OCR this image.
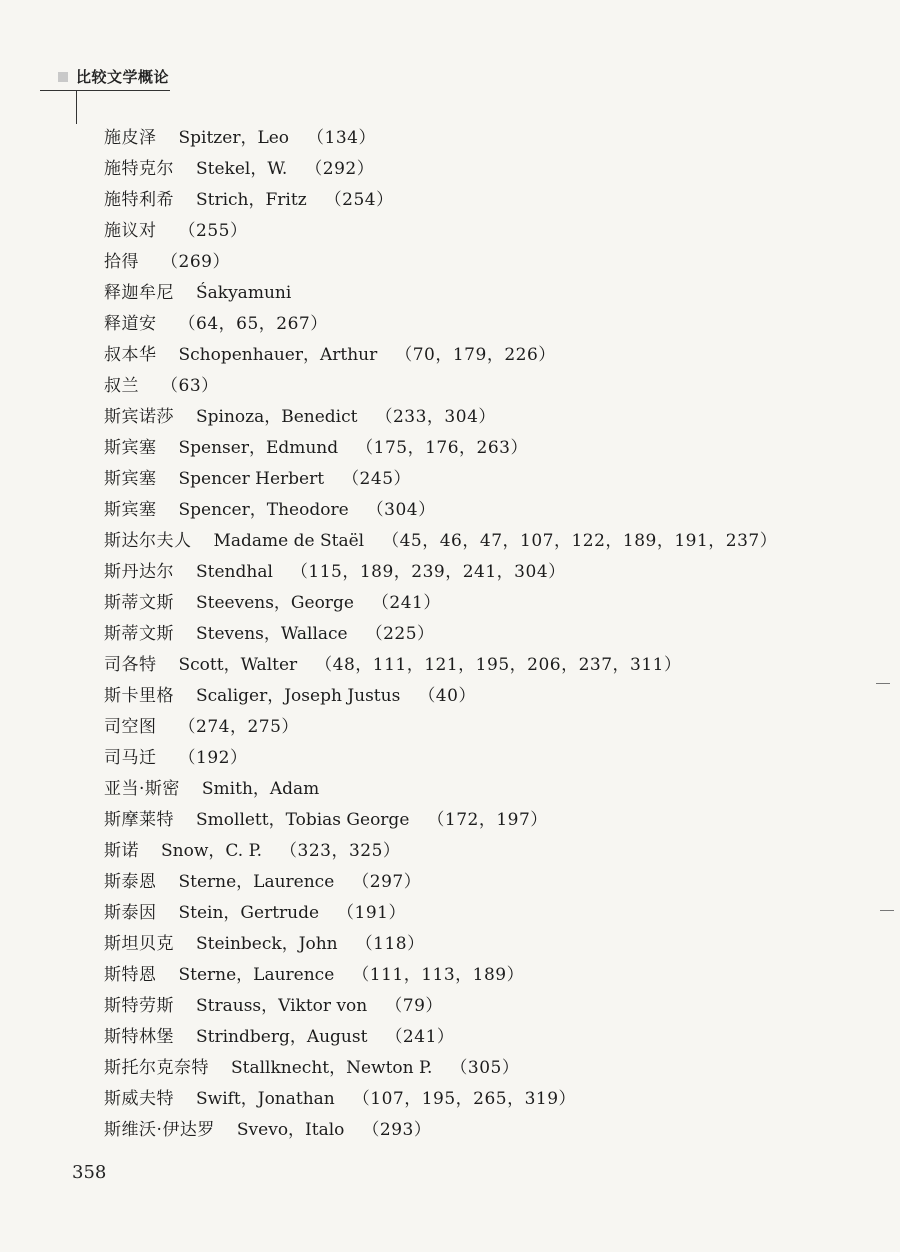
比较文学概论
施皮泽 Spitzer，Leo （134）
施特克尔 Stekel，W. （292）
施特利希 Strich，Fritz （254）
施议对 （255）
拾得 （269）
释迦牟尼 Śakyamuni
释道安 （64，65，267）
叔本华 Schopenhauer，Arthur （70，179，226）
叔兰 （63）
斯宾诺莎 Spinoza，Benedict （233，304）
斯宾塞 Spenser，Edmund （175，176，263）
斯宾塞 Spencer Herbert （245）
斯宾塞 Spencer，Theodore （304）
斯达尔夫人 Madame de Staël （45，46，47，107，122，189，191，237）
斯丹达尔 Stendhal （115，189，239，241，304）
斯蒂文斯 Steevens，George （241）
斯蒂文斯 Stevens，Wallace （225）
司各特 Scott，Walter （48，111，121，195，206，237，311）
斯卡里格 Scaliger，Joseph Justus （40）
司空图 （274，275）
司马迁 （192）
亚当·斯密 Smith，Adam
斯摩莱特 Smollett，Tobias George （172，197）
斯诺 Snow，C. P. （323，325）
斯泰恩 Sterne，Laurence （297）
斯泰因 Stein，Gertrude （191）
斯坦贝克 Steinbeck，John （118）
斯特恩 Sterne，Laurence （111，113，189）
斯特劳斯 Strauss，Viktor von （79）
斯特林堡 Strindberg，August （241）
斯托尔克奈特 Stallknecht，Newton P. （305）
斯威夫特 Swift，Jonathan （107，195，265，319）
斯维沃·伊达罗 Svevo，Italo （293）
358
